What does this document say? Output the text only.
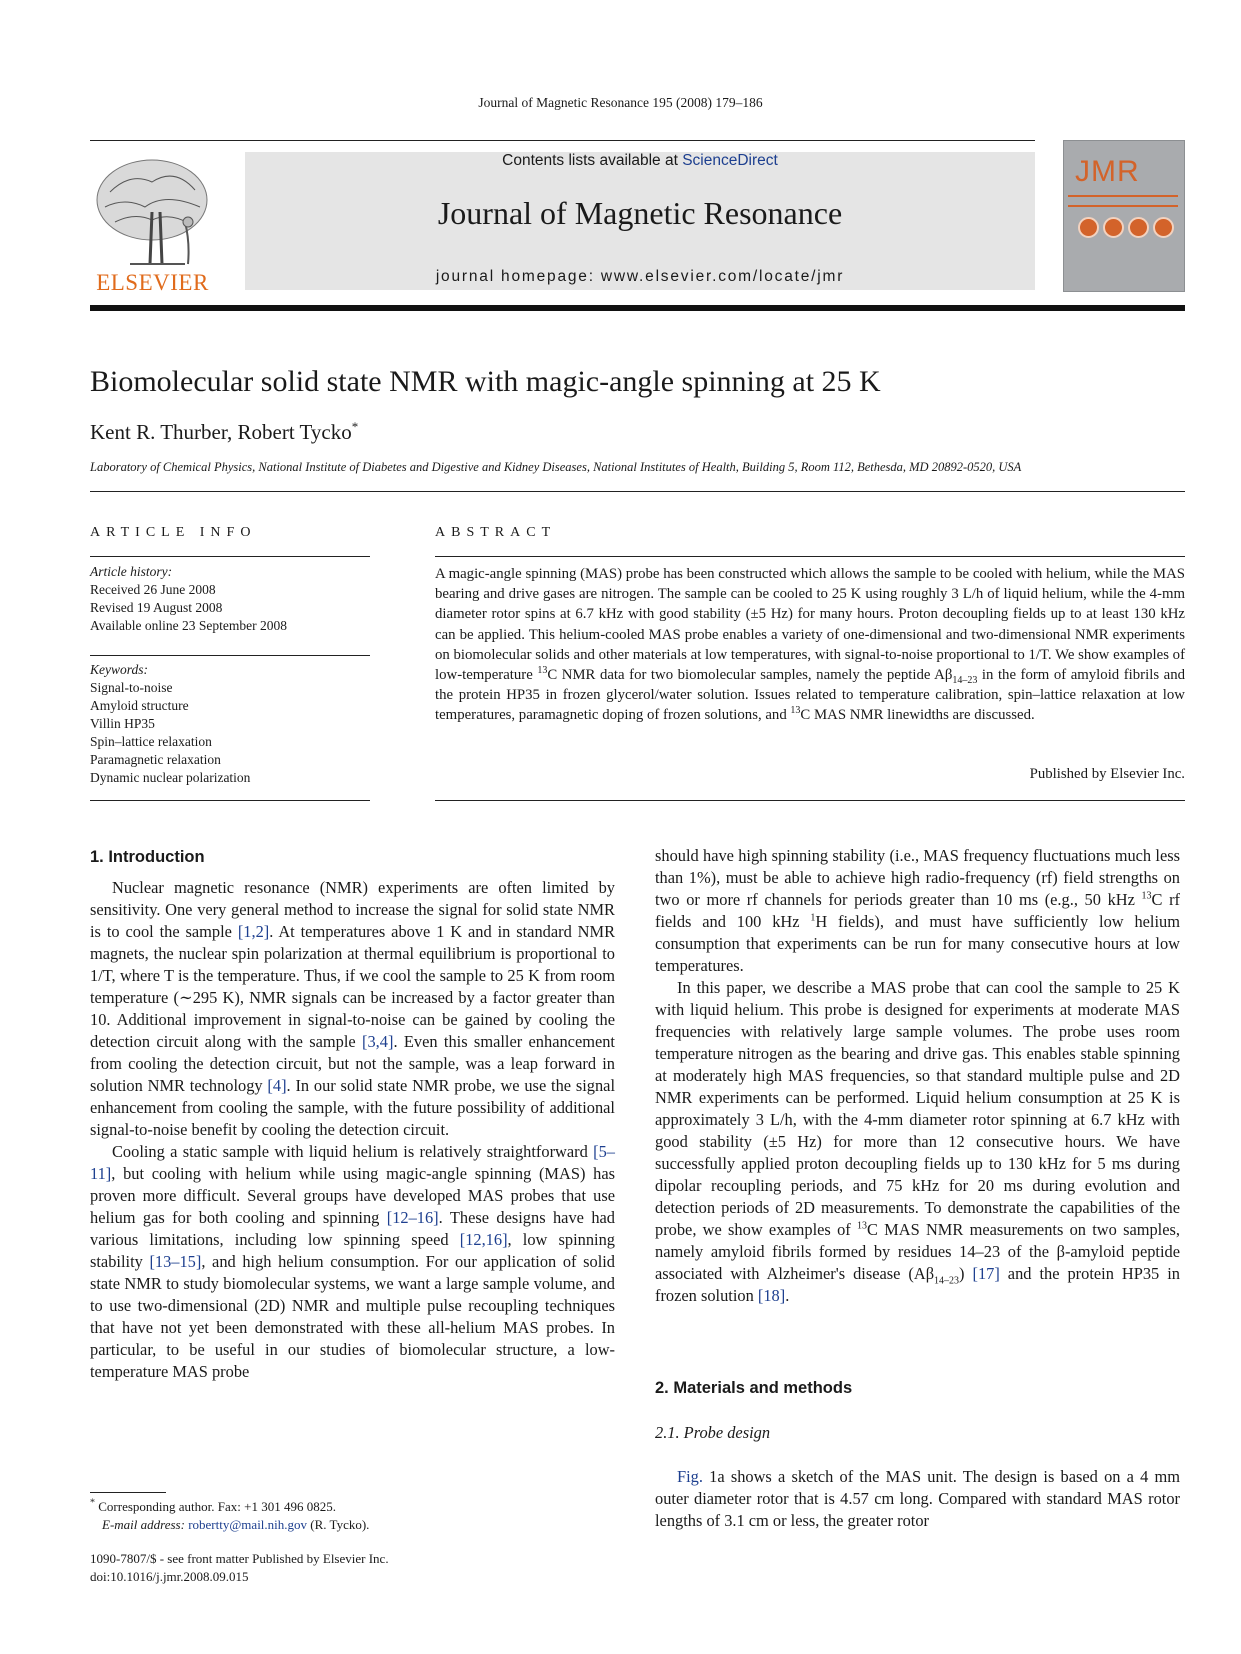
Journal of Magnetic Resonance 195 (2008) 179–186
ELSEVIER
Contents lists available at ScienceDirect
Journal of Magnetic Resonance
journal homepage: www.elsevier.com/locate/jmr
JMR
Biomolecular solid state NMR with magic-angle spinning at 25 K
Kent R. Thurber, Robert Tycko*
Laboratory of Chemical Physics, National Institute of Diabetes and Digestive and Kidney Diseases, National Institutes of Health, Building 5, Room 112, Bethesda, MD 20892-0520, USA
ARTICLE INFO	ABSTRACT
Article history:
Received 26 June 2008
Revised 19 August 2008
Available online 23 September 2008
Keywords:
Signal-to-noise
Amyloid structure
Villin HP35
Spin–lattice relaxation
Paramagnetic relaxation
Dynamic nuclear polarization
A magic-angle spinning (MAS) probe has been constructed which allows the sample to be cooled with helium, while the MAS bearing and drive gases are nitrogen. The sample can be cooled to 25 K using roughly 3 L/h of liquid helium, while the 4-mm diameter rotor spins at 6.7 kHz with good stability (±5 Hz) for many hours. Proton decoupling fields up to at least 130 kHz can be applied. This helium-cooled MAS probe enables a variety of one-dimensional and two-dimensional NMR experiments on biomolecular solids and other materials at low temperatures, with signal-to-noise proportional to 1/T. We show examples of low-temperature $^{13}$C NMR data for two biomolecular samples, namely the peptide $A\beta_{14-23}$ in the form of amyloid fibrils and the protein HP35 in frozen glycerol/water solution. Issues related to temperature calibration, spin–lattice relaxation at low temperatures, paramagnetic doping of frozen solutions, and $^{13}$C MAS NMR linewidths are discussed.
Published by Elsevier Inc.
1. Introduction

Nuclear magnetic resonance (NMR) experiments are often limited by sensitivity. One very general method to increase the signal for solid state NMR is to cool the sample [1,2]. At temperatures above 1 K and in standard NMR magnets, the nuclear spin polarization at thermal equilibrium is proportional to 1/T, where T is the temperature. Thus, if we cool the sample to 25 K from room temperature (∼295 K), NMR signals can be increased by a factor greater than 10. Additional improvement in signal-to-noise can be gained by cooling the detection circuit along with the sample [3,4]. Even this smaller enhancement from cooling the detection circuit, but not the sample, was a leap forward in solution NMR technology [4]. In our solid state NMR probe, we use the signal enhancement from cooling the sample, with the future possibility of additional signal-to-noise benefit by cooling the detection circuit.

Cooling a static sample with liquid helium is relatively straightforward [5–11], but cooling with helium while using magic-angle spinning (MAS) has proven more difficult. Several groups have developed MAS probes that use helium gas for both cooling and spinning [12–16]. These designs have had various limitations, including low spinning speed [12,16], low spinning stability [13–15], and high helium consumption. For our application of solid state NMR to study biomolecular systems, we want a large sample volume, and to use two-dimensional (2D) NMR and multiple pulse recoupling techniques that have not yet been demonstrated with these all-helium MAS probes. In particular, to be useful in our studies of biomolecular structure, a low-temperature MAS probe

should have high spinning stability (i.e., MAS frequency fluctuations much less than 1%), must be able to achieve high radio-frequency (rf) field strengths on two or more rf channels for periods greater than 10 ms (e.g., 50 kHz $^{13}$C rf fields and 100 kHz $^1$H fields), and must have sufficiently low helium consumption that experiments can be run for many consecutive hours at low temperatures.

In this paper, we describe a MAS probe that can cool the sample to 25 K with liquid helium. This probe is designed for experiments at moderate MAS frequencies with relatively large sample volumes. The probe uses room temperature nitrogen as the bearing and drive gas. This enables stable spinning at moderately high MAS frequencies, so that standard multiple pulse and 2D NMR experiments can be performed. Liquid helium consumption at 25 K is approximately 3 L/h, with the 4-mm diameter rotor spinning at 6.7 kHz with good stability (±5 Hz) for more than 12 consecutive hours. We have successfully applied proton decoupling fields up to 130 kHz for 5 ms during dipolar recoupling periods, and 75 kHz for 20 ms during evolution and detection periods of 2D measurements. To demonstrate the capabilities of the probe, we show examples of $^{13}$C MAS NMR measurements on two samples, namely amyloid fibrils formed by residues 14–23 of the β-amyloid peptide associated with Alzheimer's disease $(A\beta_{14-23})$ [17] and the protein HP35 in frozen solution [18].

2. Materials and methods
2.1. Probe design

Fig. 1a shows a sketch of the MAS unit. The design is based on a 4 mm outer diameter rotor that is 4.57 cm long. Compared with standard MAS rotor lengths of 3.1 cm or less, the greater rotor

* Corresponding author. Fax: +1 301 496 0825.
E-mail address: robertty@mail.nih.gov (R. Tycko).
1090-7807/$ - see front matter Published by Elsevier Inc.
doi:10.1016/j.jmr.2008.09.015
